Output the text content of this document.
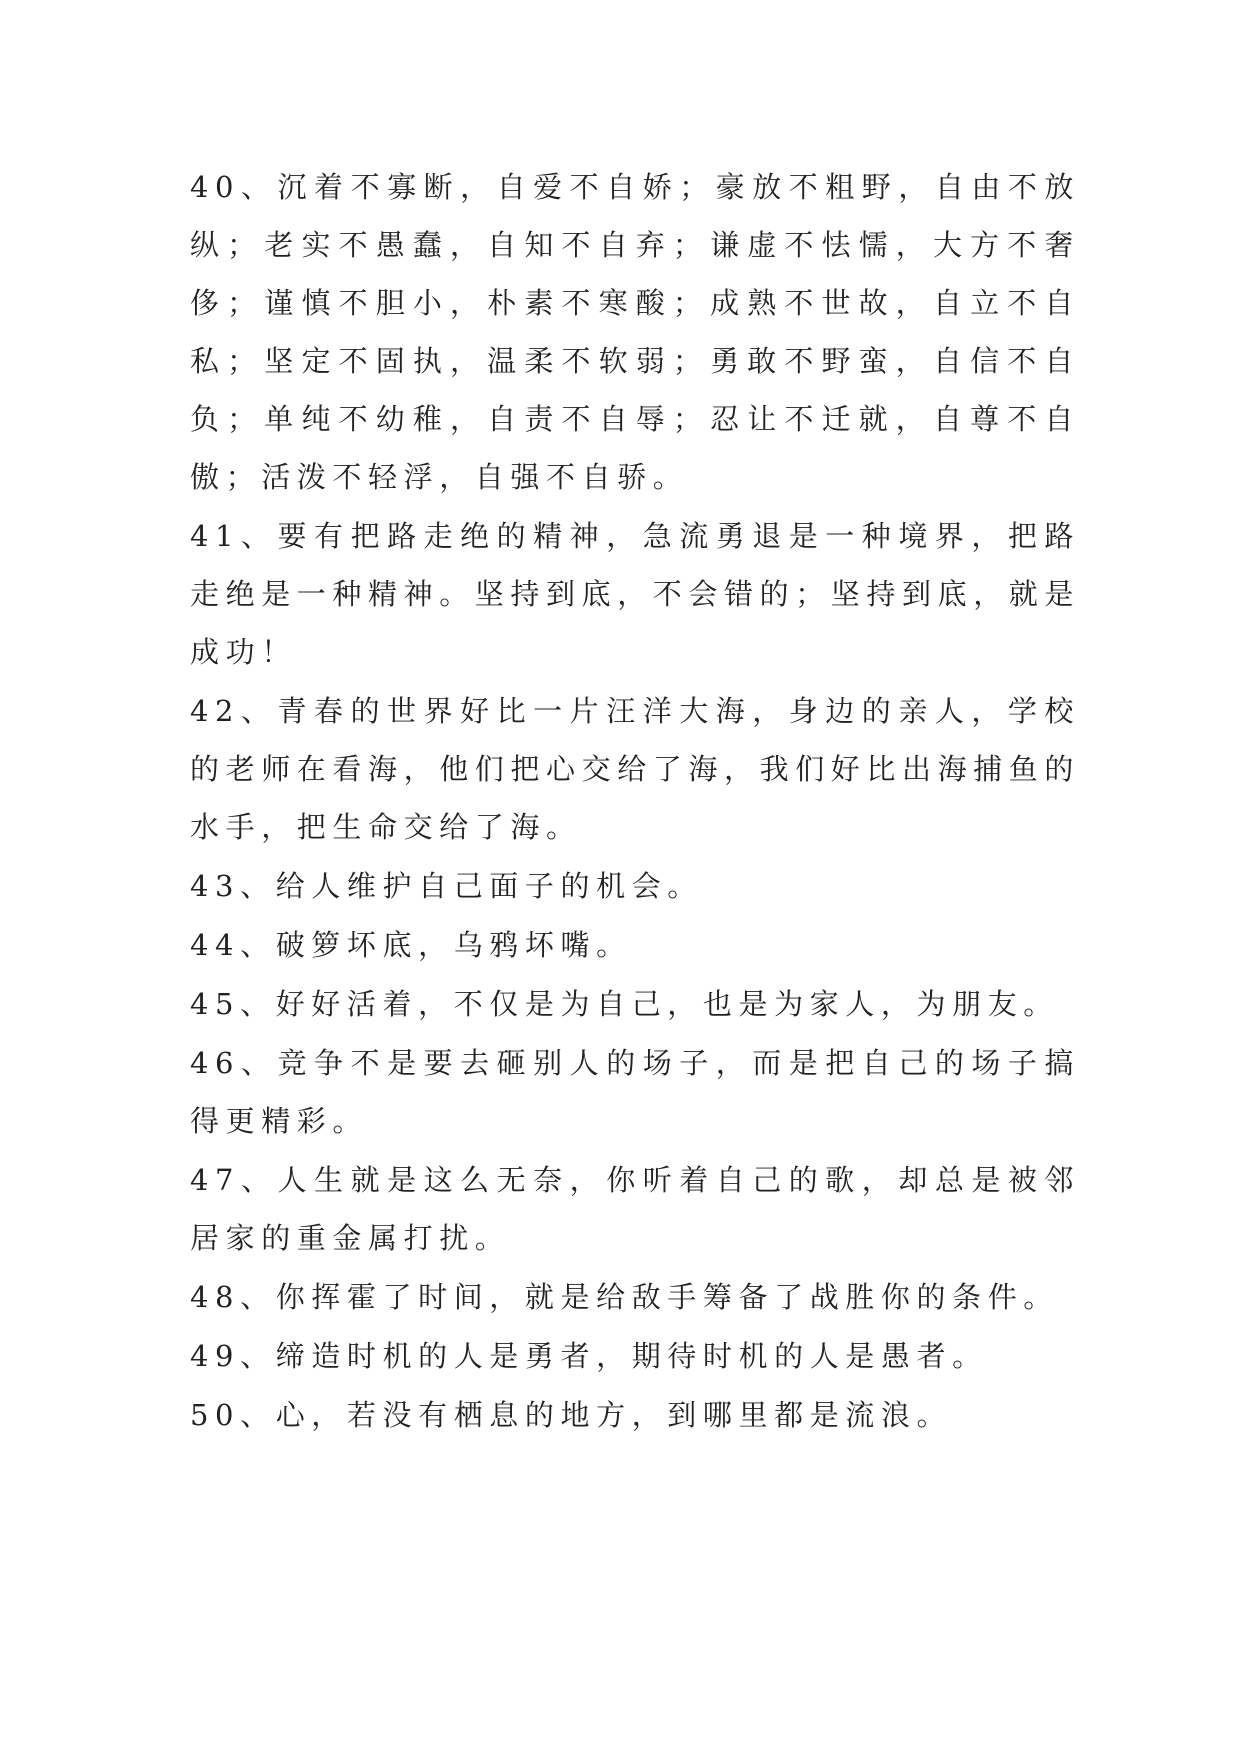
40、沉着不寡断，自爱不自娇；豪放不粗野，自由不放纵；老实不愚蠢，自知不自弃；谦虚不怯懦，大方不奢侈；谨慎不胆小，朴素不寒酸；成熟不世故，自立不自私；坚定不固执，温柔不软弱；勇敢不野蛮，自信不自负；单纯不幼稚，自责不自辱；忍让不迁就，自尊不自傲；活泼不轻浮，自强不自骄。

41、要有把路走绝的精神，急流勇退是一种境界，把路走绝是一种精神。坚持到底，不会错的；坚持到底，就是成功！

42、青春的世界好比一片汪洋大海，身边的亲人，学校的老师在看海，他们把心交给了海，我们好比出海捕鱼的水手，把生命交给了海。

43、给人维护自己面子的机会。

44、破箩坏底，乌鸦坏嘴。

45、好好活着，不仅是为自己，也是为家人，为朋友。

46、竞争不是要去砸别人的场子，而是把自己的场子搞得更精彩。

47、人生就是这么无奈，你听着自己的歌，却总是被邻居家的重金属打扰。

48、你挥霍了时间，就是给敌手筹备了战胜你的条件。

49、缔造时机的人是勇者，期待时机的人是愚者。

50、心，若没有栖息的地方，到哪里都是流浪。
